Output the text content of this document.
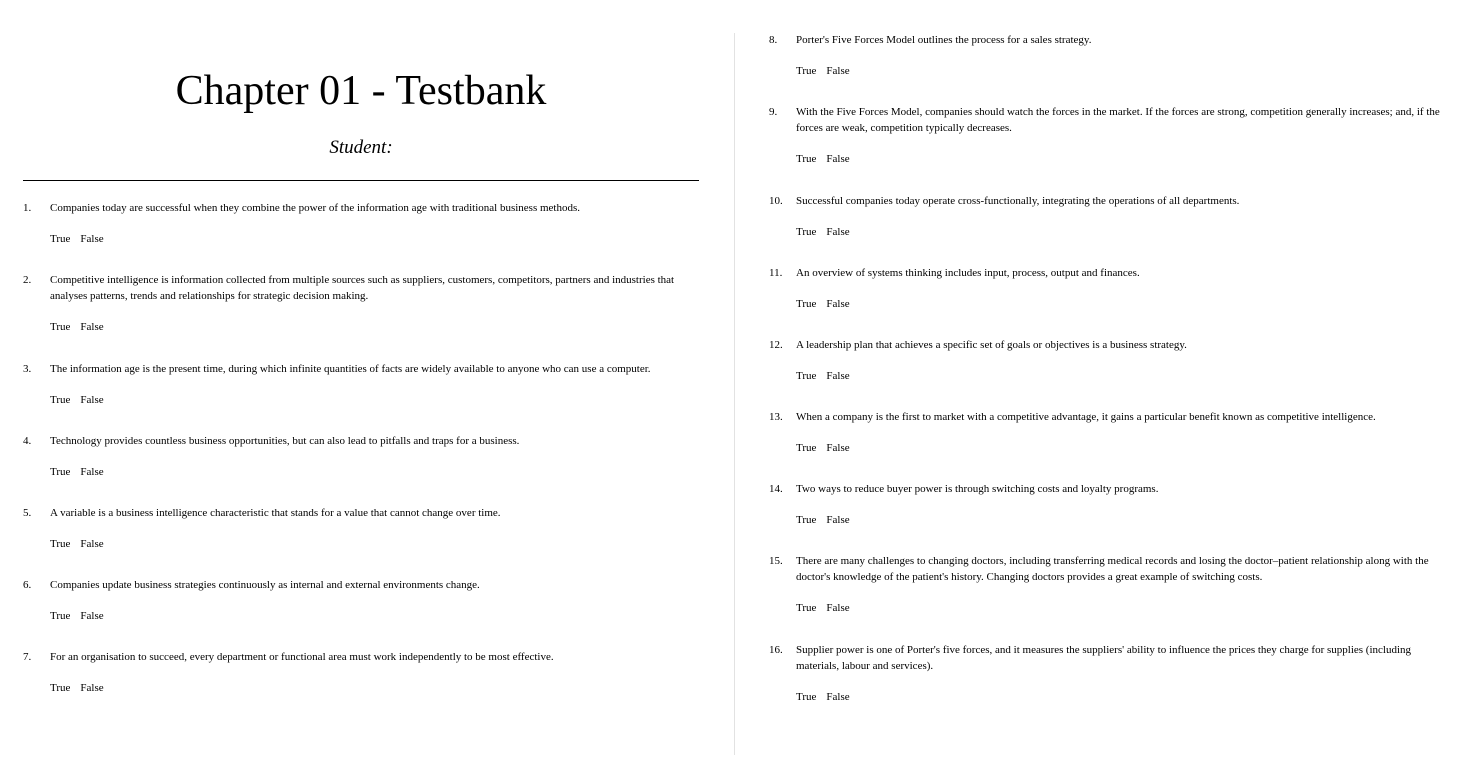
Chapter 01 - Testbank
Student:
1. Companies today are successful when they combine the power of the information age with traditional business methods.

True False
2. Competitive intelligence is information collected from multiple sources such as suppliers, customers, competitors, partners and industries that analyses patterns, trends and relationships for strategic decision making.

True False
3. The information age is the present time, during which infinite quantities of facts are widely available to anyone who can use a computer.

True False
4. Technology provides countless business opportunities, but can also lead to pitfalls and traps for a business.

True False
5. A variable is a business intelligence characteristic that stands for a value that cannot change over time.

True False
6. Companies update business strategies continuously as internal and external environments change.

True False
7. For an organisation to succeed, every department or functional area must work independently to be most effective.

True False
8. Porter's Five Forces Model outlines the process for a sales strategy.

True False
9. With the Five Forces Model, companies should watch the forces in the market. If the forces are strong, competition generally increases; and, if the forces are weak, competition typically decreases.

True False
10. Successful companies today operate cross-functionally, integrating the operations of all departments.

True False
11. An overview of systems thinking includes input, process, output and finances.

True False
12. A leadership plan that achieves a specific set of goals or objectives is a business strategy.

True False
13. When a company is the first to market with a competitive advantage, it gains a particular benefit known as competitive intelligence.

True False
14. Two ways to reduce buyer power is through switching costs and loyalty programs.

True False
15. There are many challenges to changing doctors, including transferring medical records and losing the doctor–patient relationship along with the doctor's knowledge of the patient's history. Changing doctors provides a great example of switching costs.

True False
16. Supplier power is one of Porter's five forces, and it measures the suppliers' ability to influence the prices they charge for supplies (including materials, labour and services).

True False
